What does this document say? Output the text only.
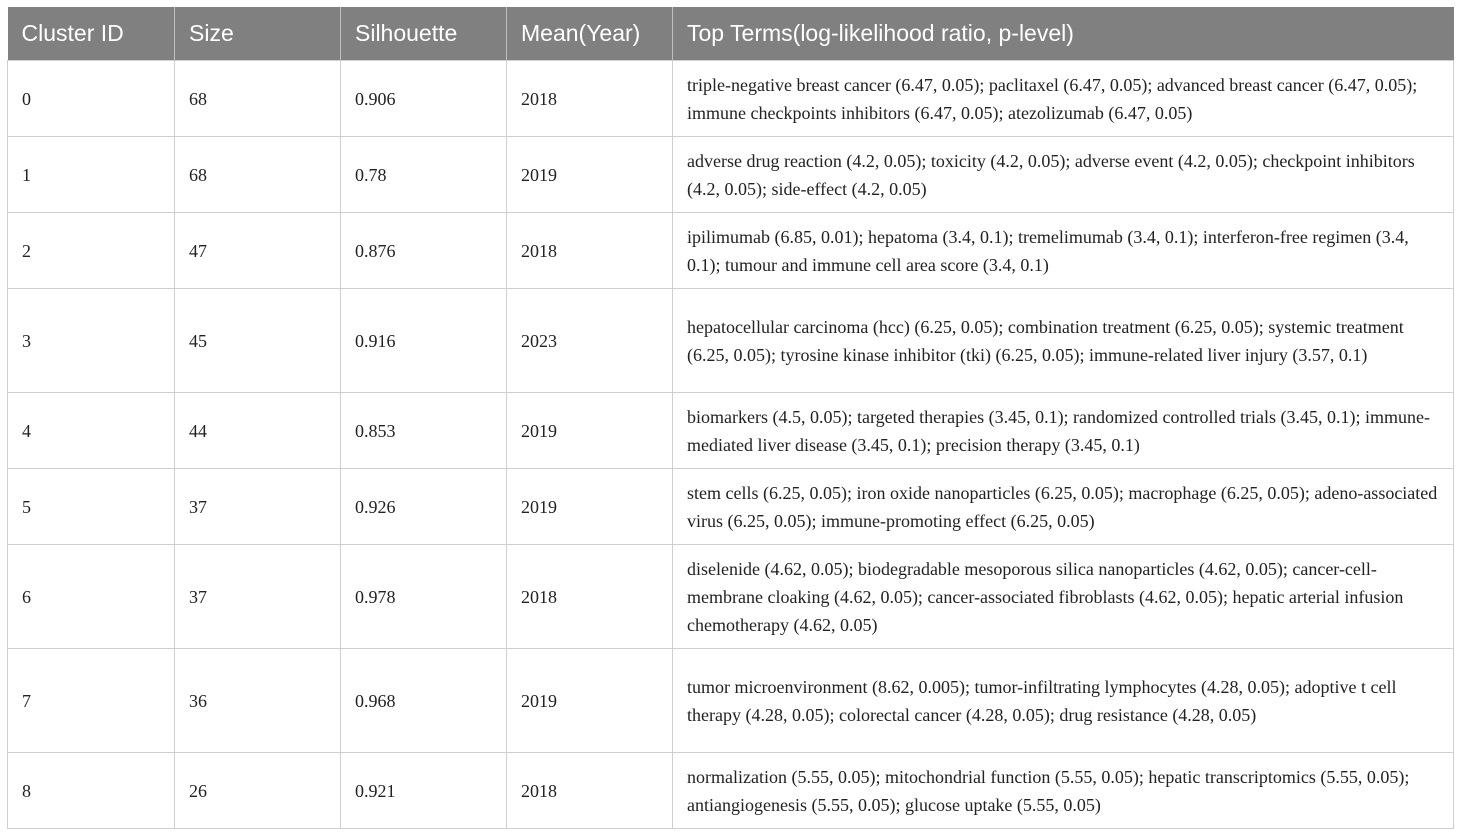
Cluster ID	Size	Silhouette	Mean(Year)	Top Terms(log-likelihood ratio, p-level)
0	68	0.906	2018	triple-negative breast cancer (6.47, 0.05); paclitaxel (6.47, 0.05); advanced breast cancer (6.47, 0.05); immune checkpoints inhibitors (6.47, 0.05); atezolizumab (6.47, 0.05)
1	68	0.78	2019	adverse drug reaction (4.2, 0.05); toxicity (4.2, 0.05); adverse event (4.2, 0.05); checkpoint inhibitors (4.2, 0.05); side-effect (4.2, 0.05)
2	47	0.876	2018	ipilimumab (6.85, 0.01); hepatoma (3.4, 0.1); tremelimumab (3.4, 0.1); interferon-free regimen (3.4, 0.1); tumour and immune cell area score (3.4, 0.1)
3	45	0.916	2023	hepatocellular carcinoma (hcc) (6.25, 0.05); combination treatment (6.25, 0.05); systemic treatment (6.25, 0.05); tyrosine kinase inhibitor (tki) (6.25, 0.05); immune-related liver injury (3.57, 0.1)
4	44	0.853	2019	biomarkers (4.5, 0.05); targeted therapies (3.45, 0.1); randomized controlled trials (3.45, 0.1); immune-mediated liver disease (3.45, 0.1); precision therapy (3.45, 0.1)
5	37	0.926	2019	stem cells (6.25, 0.05); iron oxide nanoparticles (6.25, 0.05); macrophage (6.25, 0.05); adeno-associated virus (6.25, 0.05); immune-promoting effect (6.25, 0.05)
6	37	0.978	2018	diselenide (4.62, 0.05); biodegradable mesoporous silica nanoparticles (4.62, 0.05); cancer-cell-membrane cloaking (4.62, 0.05); cancer-associated fibroblasts (4.62, 0.05); hepatic arterial infusion chemotherapy (4.62, 0.05)
7	36	0.968	2019	tumor microenvironment (8.62, 0.005); tumor-infiltrating lymphocytes (4.28, 0.05); adoptive t cell therapy (4.28, 0.05); colorectal cancer (4.28, 0.05); drug resistance (4.28, 0.05)
8	26	0.921	2018	normalization (5.55, 0.05); mitochondrial function (5.55, 0.05); hepatic transcriptomics (5.55, 0.05); antiangiogenesis (5.55, 0.05); glucose uptake (5.55, 0.05)
